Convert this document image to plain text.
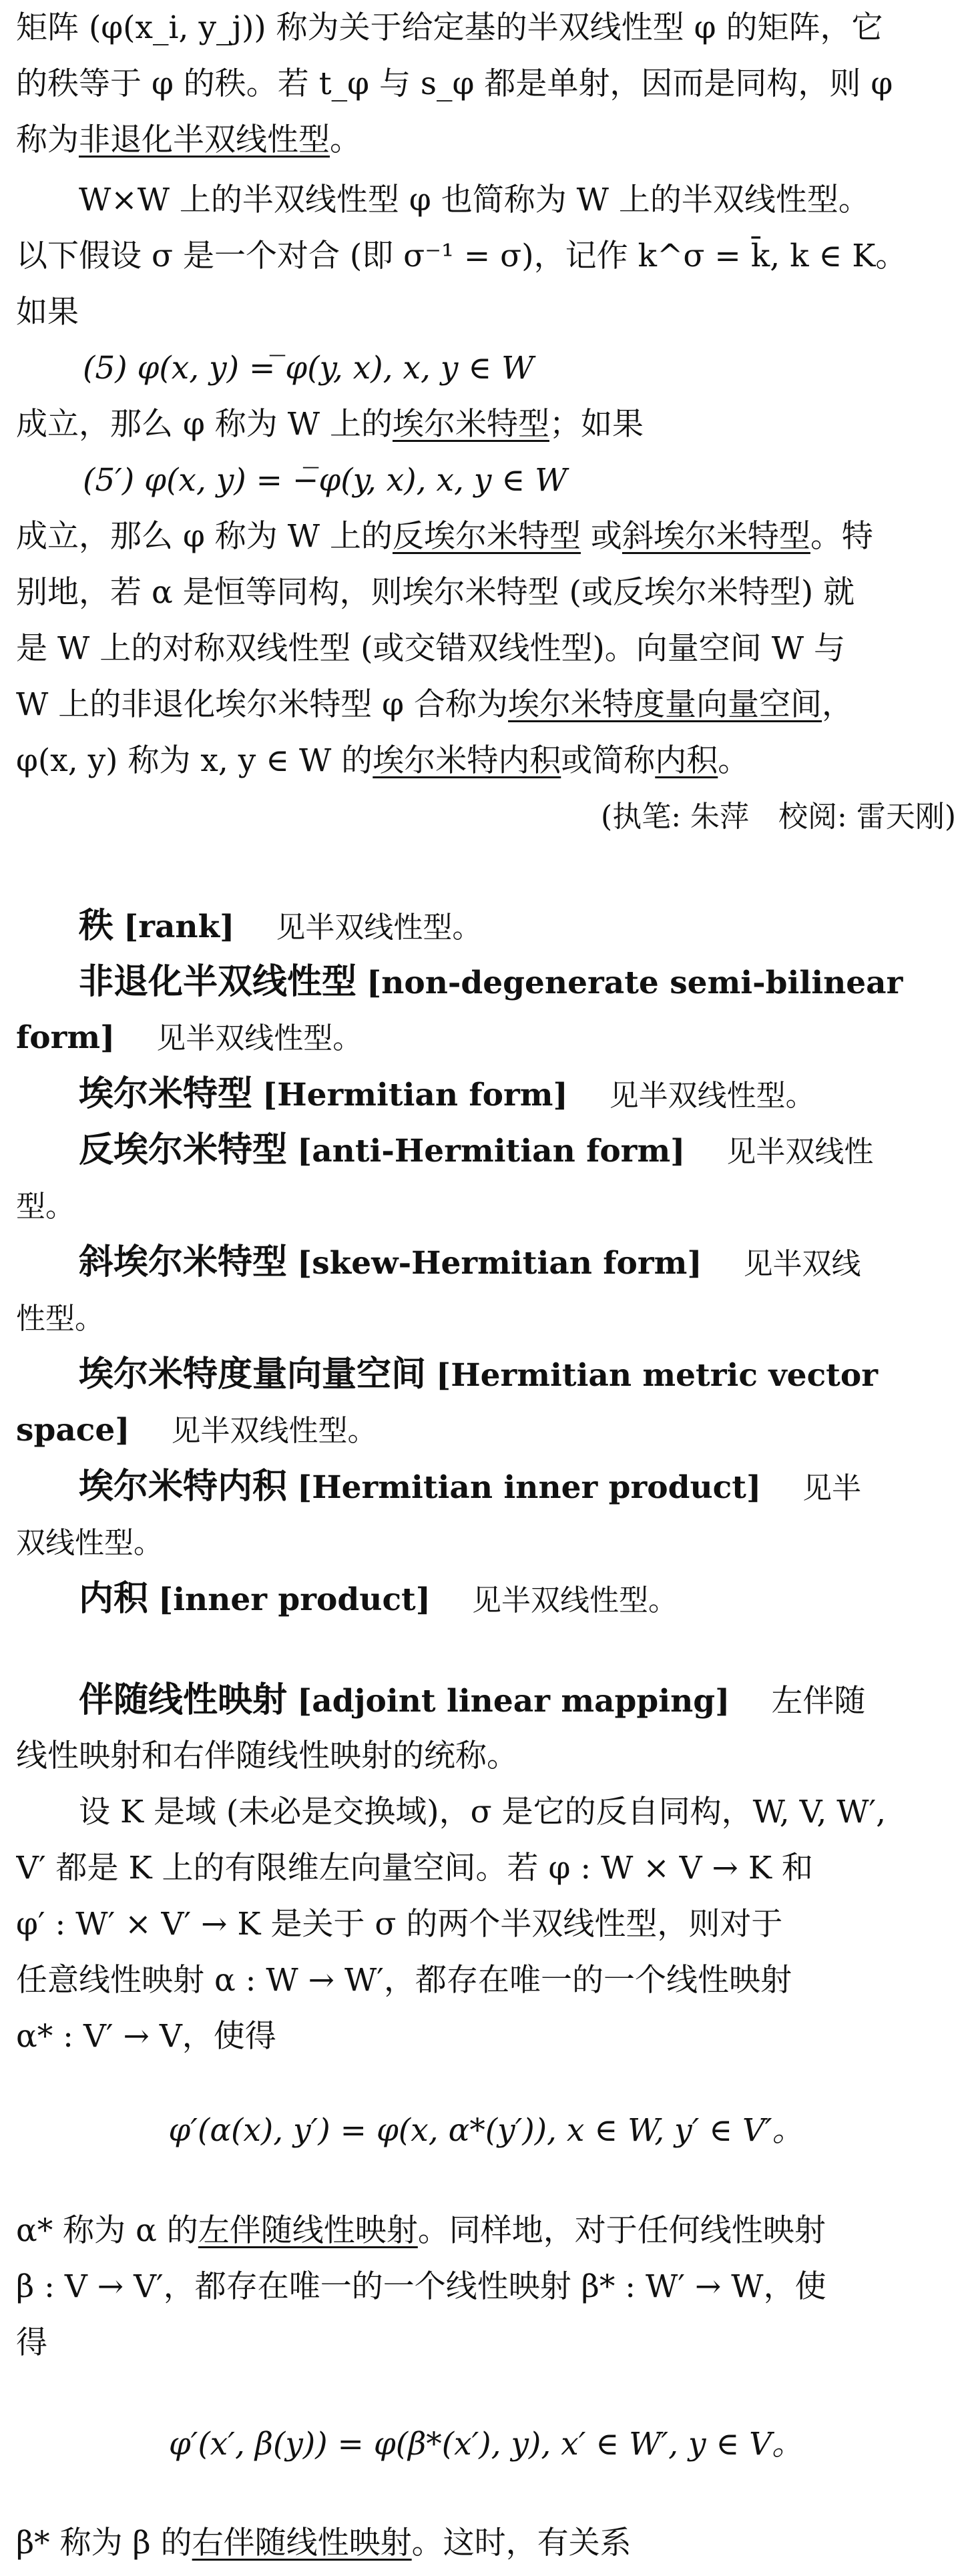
矩阵 (φ(x_i, y_j)) 称为关于给定基的半双线性型 φ 的矩阵，它
的秩等于 φ 的秩。若 t_φ 与 s_φ 都是单射，因而是同构，则 φ
称为非退化半双线性型。
W×W 上的半双线性型 φ 也简称为 W 上的半双线性型。
以下假设 σ 是一个对合 (即 σ⁻¹ = σ)，记作 k^σ = k̄, k ∈ K。
如果
(5) φ(x, y) = ̅φ(y, x), x, y ∈ W
成立，那么 φ 称为 W 上的埃尔米特型；如果
(5′) φ(x, y) = −̅φ(y, x), x, y ∈ W
成立，那么 φ 称为 W 上的反埃尔米特型 或斜埃尔米特型。特
别地，若 α 是恒等同构，则埃尔米特型 (或反埃尔米特型) 就
是 W 上的对称双线性型 (或交错双线性型)。向量空间 W 与
W 上的非退化埃尔米特型 φ 合称为埃尔米特度量向量空间，
φ(x, y) 称为 x, y ∈ W 的埃尔米特内积或简称内积。
(执笔: 朱萍　校阅: 雷天刚)
秩 [rank]　 见半双线性型。
非退化半双线性型 [non-degenerate semi-bilinear
form]　 见半双线性型。
埃尔米特型 [Hermitian form]　 见半双线性型。
反埃尔米特型 [anti-Hermitian form]　 见半双线性
型。
斜埃尔米特型 [skew-Hermitian form]　 见半双线
性型。
埃尔米特度量向量空间 [Hermitian metric vector
space]　 见半双线性型。
埃尔米特内积 [Hermitian inner product]　 见半
双线性型。
内积 [inner product]　 见半双线性型。
伴随线性映射 [adjoint linear mapping]　 左伴随
线性映射和右伴随线性映射的统称。
设 K 是域 (未必是交换域)，σ 是它的反自同构，W, V, W′,
V′ 都是 K 上的有限维左向量空间。若 φ : W × V → K 和
φ′ : W′ × V′ → K 是关于 σ 的两个半双线性型，则对于
任意线性映射 α : W → W′，都存在唯一的一个线性映射
α* : V′ → V，使得
φ′(α(x), y′) = φ(x, α*(y′)), x ∈ W, y′ ∈ V′。
α* 称为 α 的左伴随线性映射。同样地，对于任何线性映射
β : V → V′，都存在唯一的一个线性映射 β* : W′ → W，使
得
φ′(x′, β(y)) = φ(β*(x′), y), x′ ∈ W′, y ∈ V。
β* 称为 β 的右伴随线性映射。这时，有关系
